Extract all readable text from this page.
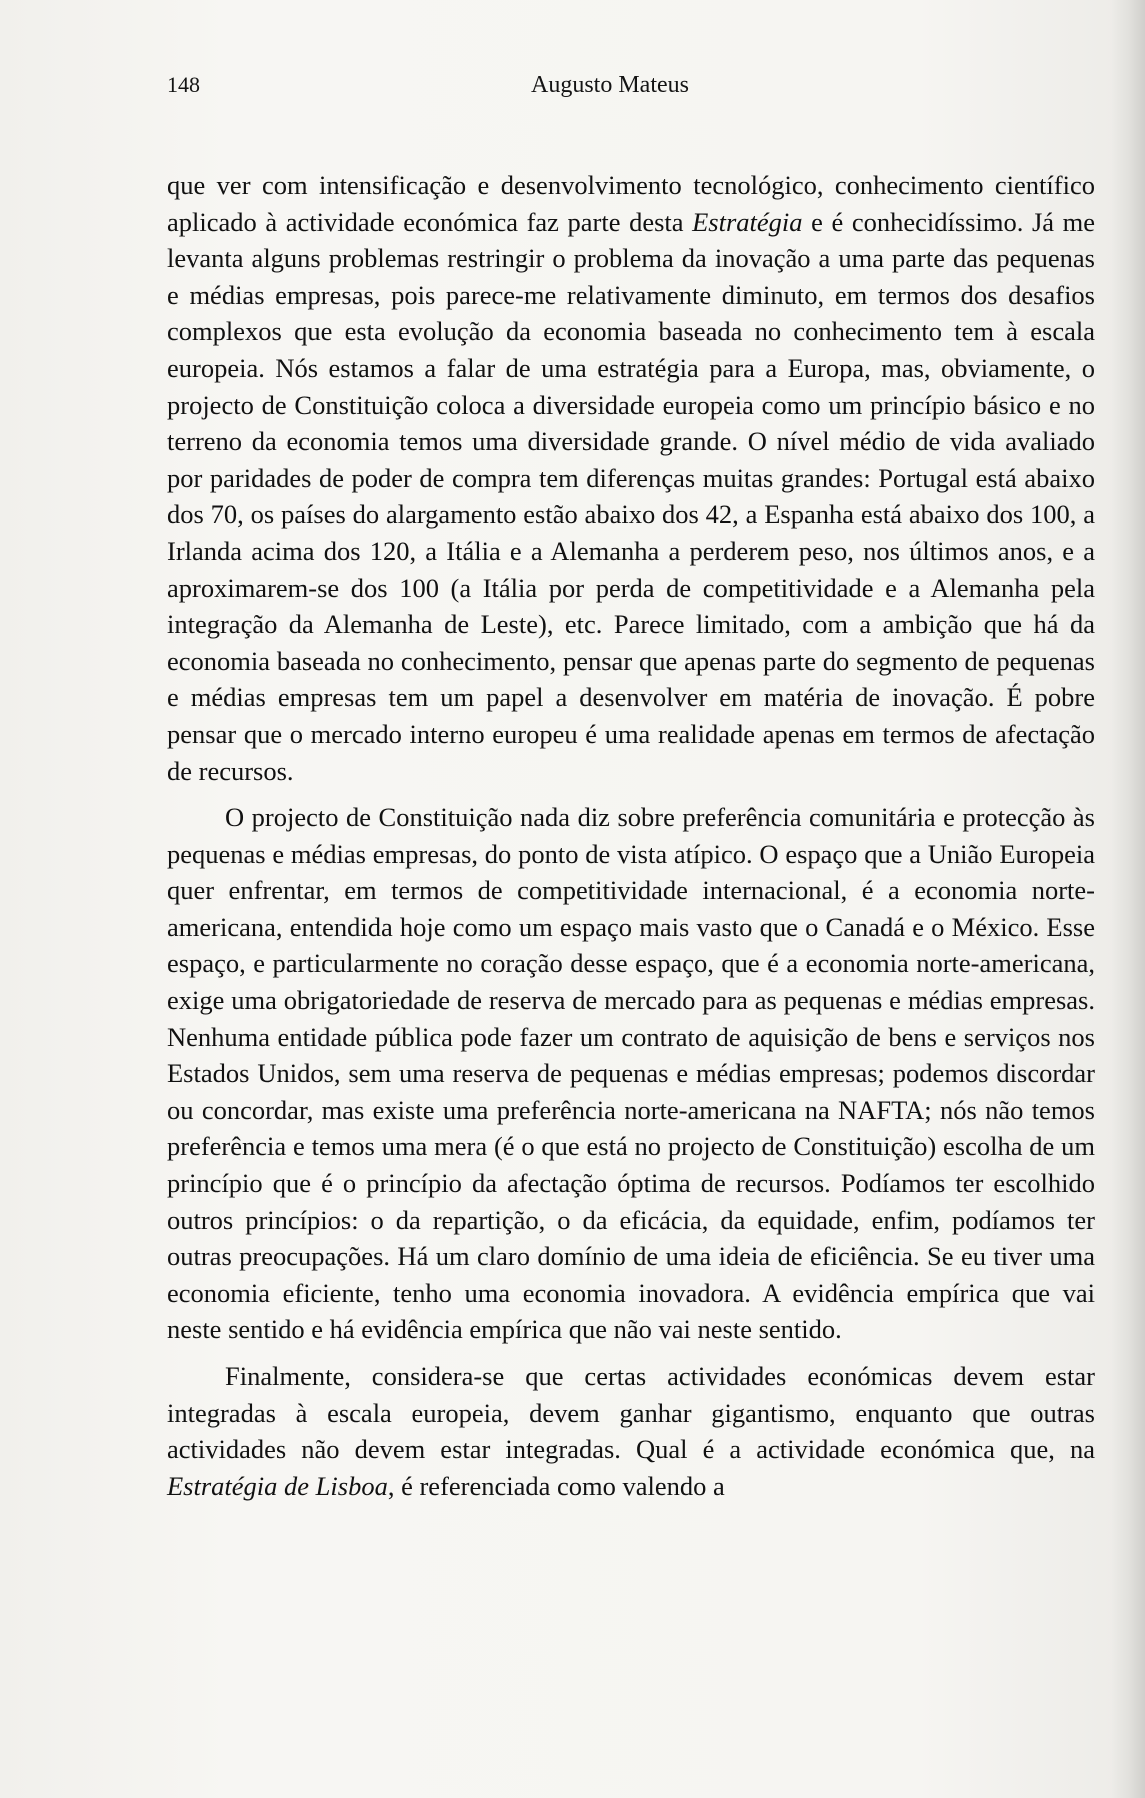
148	Augusto Mateus

que ver com intensificação e desenvolvimento tecnológico, conhecimento científico aplicado à actividade económica faz parte desta Estratégia e é conhecidíssimo. Já me levanta alguns problemas restringir o problema da inovação a uma parte das pequenas e médias empresas, pois parece-me relativamente diminuto, em termos dos desafios complexos que esta evolução da economia baseada no conhecimento tem à escala europeia. Nós estamos a falar de uma estratégia para a Europa, mas, obviamente, o projecto de Constituição coloca a diversidade europeia como um princípio básico e no terreno da economia temos uma diversidade grande. O nível médio de vida avaliado por paridades de poder de compra tem diferenças muitas grandes: Portugal está abaixo dos 70, os países do alargamento estão abaixo dos 42, a Espanha está abaixo dos 100, a Irlanda acima dos 120, a Itália e a Alemanha a perderem peso, nos últimos anos, e a aproximarem-se dos 100 (a Itália por perda de competitividade e a Alemanha pela integração da Alemanha de Leste), etc. Parece limitado, com a ambição que há da economia baseada no conhecimento, pensar que apenas parte do segmento de pequenas e médias empresas tem um papel a desenvolver em matéria de inovação. É pobre pensar que o mercado interno europeu é uma realidade apenas em termos de afectação de recursos.

O projecto de Constituição nada diz sobre preferência comunitária e protecção às pequenas e médias empresas, do ponto de vista atípico. O espaço que a União Europeia quer enfrentar, em termos de competitividade internacional, é a economia norte-americana, entendida hoje como um espaço mais vasto que o Canadá e o México. Esse espaço, e particularmente no coração desse espaço, que é a economia norte-americana, exige uma obrigatoriedade de reserva de mercado para as pequenas e médias empresas. Nenhuma entidade pública pode fazer um contrato de aquisição de bens e serviços nos Estados Unidos, sem uma reserva de pequenas e médias empresas; podemos discordar ou concordar, mas existe uma preferência norte-americana na NAFTA; nós não temos preferência e temos uma mera (é o que está no projecto de Constituição) escolha de um princípio que é o princípio da afectação óptima de recursos. Podíamos ter escolhido outros princípios: o da repartição, o da eficácia, da equidade, enfim, podíamos ter outras preocupações. Há um claro domínio de uma ideia de eficiência. Se eu tiver uma economia eficiente, tenho uma economia inovadora. A evidência empírica que vai neste sentido e há evidência empírica que não vai neste sentido.

Finalmente, considera-se que certas actividades económicas devem estar integradas à escala europeia, devem ganhar gigantismo, enquanto que outras actividades não devem estar integradas. Qual é a actividade económica que, na Estratégia de Lisboa, é referenciada como valendo a
